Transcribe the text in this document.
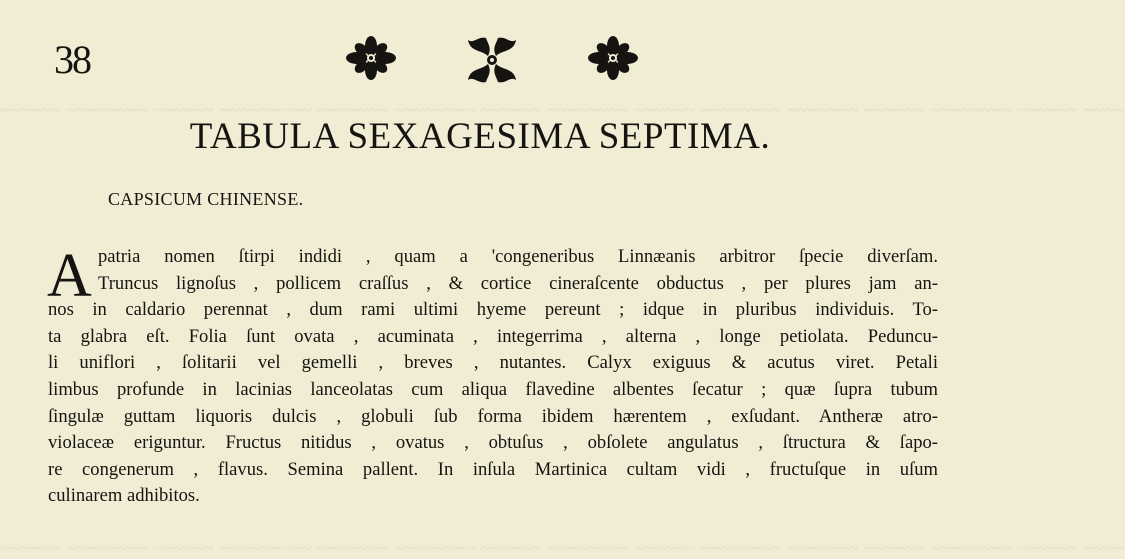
~~~~~~ ~~~~~~~~ ~~~~~~ ~~~~~~~~~ ~~~~~~~ ~~~~~~~~ ~~~~~~ ~~~~~~~~ ~~~~~~ ~~~~~~~~ ~~~~~~~ ~~~~~~ ~~~~~~~~ ~~~~~~ ~~~~
~~~~~~ ~~~~~~~~ ~~~~~~ ~~~~~~~~~ ~~~~~~~ ~~~~~~~~ ~~~~~~ ~~~~~~~~ ~~~~~~ ~~~~~~~~ ~~~~~~~ ~~~~~~ ~~~~~~~~ ~~~~~~ ~~~~
38
TABULA SEXAGESIMA SEPTIMA.
CAPSICUM CHINENSE.
A patria nomen ſtirpi indidi , quam a 'congeneribus Linnæanis arbitror ſpecie diverſam.
Truncus lignoſus , pollicem craſſus , & cortice cineraſcente obductus , per plures jam an-
nos in caldario perennat , dum rami ultimi hyeme pereunt ; idque in pluribus individuis. To-
ta glabra eſt. Folia ſunt ovata , acuminata , integerrima , alterna , longe petiolata. Peduncu-
li uniflori , ſolitarii vel gemelli , breves , nutantes. Calyx exiguus & acutus viret. Petali
limbus profunde in lacinias lanceolatas cum aliqua flavedine albentes ſecatur ; quæ ſupra tubum
ſingulæ guttam liquoris dulcis , globuli ſub forma ibidem hærentem , exſudant. Antheræ atro-
violaceæ eriguntur. Fructus nitidus , ovatus , obtuſus , obſolete angulatus , ſtructura & ſapo-
re congenerum , flavus. Semina pallent. In inſula Martinica cultam vidi , fructuſque in uſum
culinarem adhibitos.
